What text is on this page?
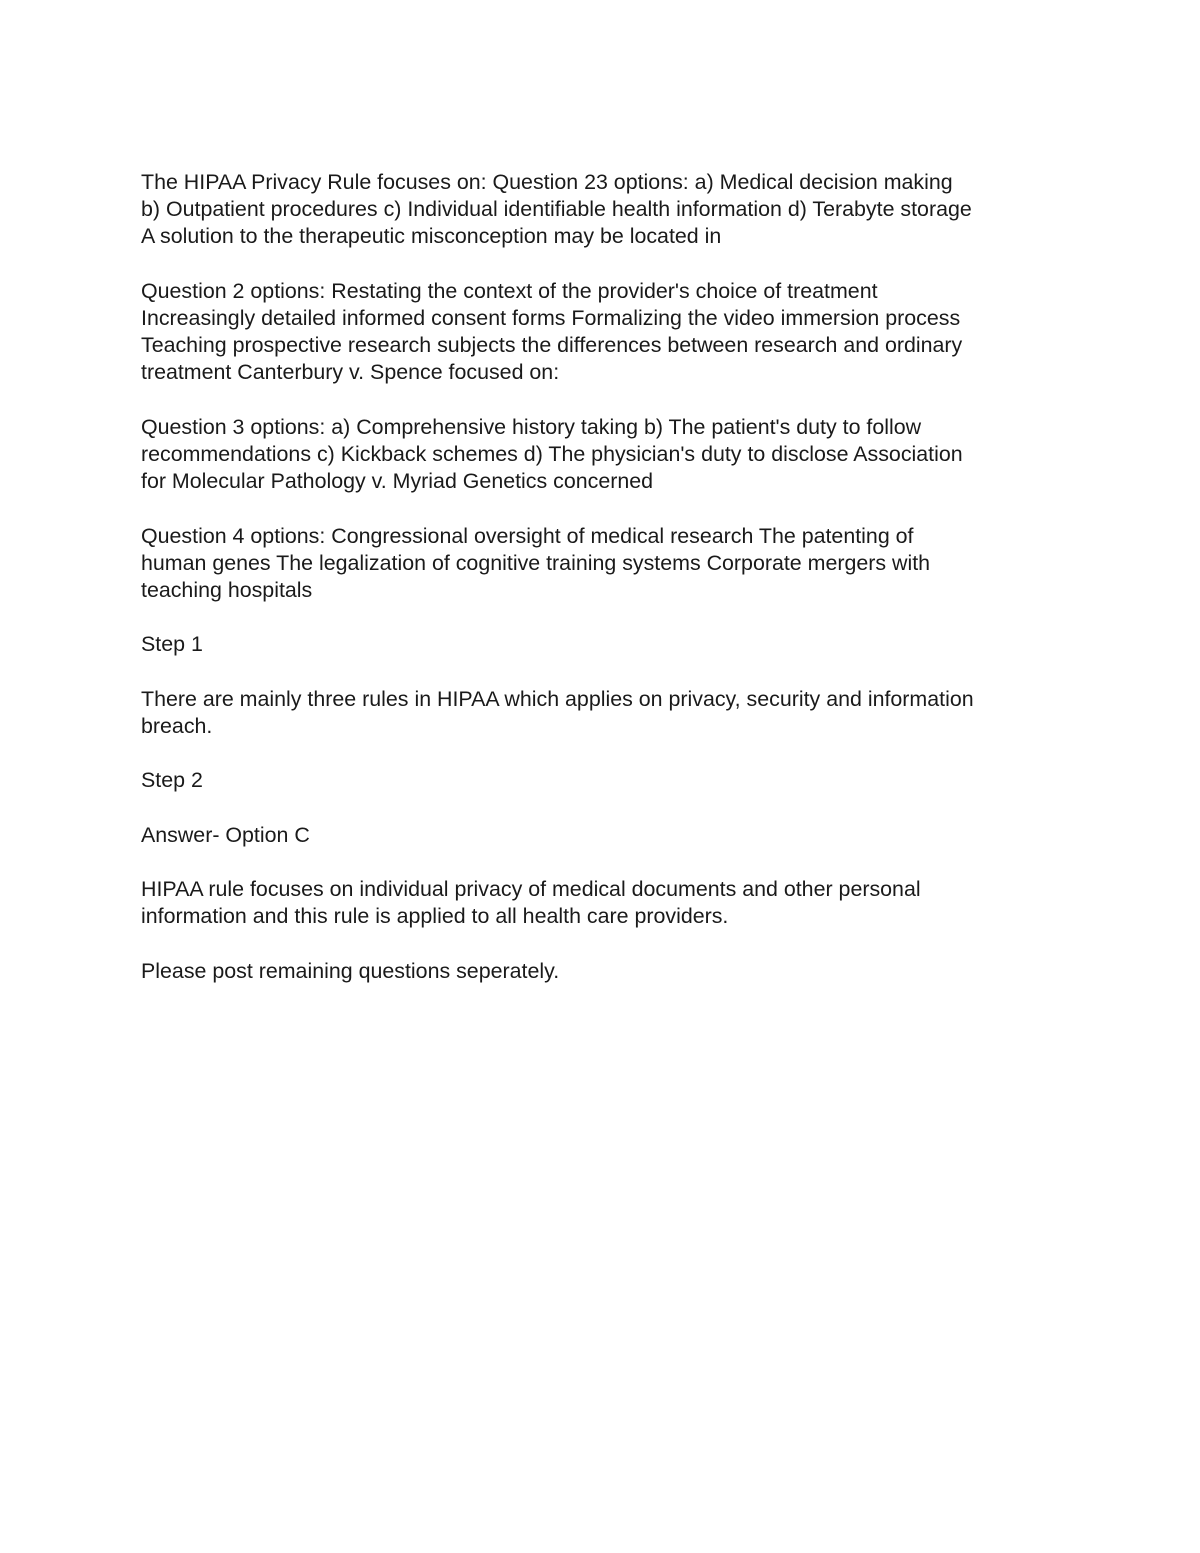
The HIPAA Privacy Rule focuses on: Question 23 options: a) Medical decision making
b) Outpatient procedures c) Individual identifiable health information d) Terabyte storage
A solution to the therapeutic misconception may be located in

Question 2 options: Restating the context of the provider's choice of treatment
Increasingly detailed informed consent forms Formalizing the video immersion process
Teaching prospective research subjects the differences between research and ordinary
treatment Canterbury v. Spence focused on:

Question 3 options: a) Comprehensive history taking b) The patient's duty to follow
recommendations c) Kickback schemes d) The physician's duty to disclose Association
for Molecular Pathology v. Myriad Genetics concerned

Question 4 options: Congressional oversight of medical research The patenting of
human genes The legalization of cognitive training systems Corporate mergers with
teaching hospitals

Step 1

There are mainly three rules in HIPAA which applies on privacy, security and information
breach.

Step 2

Answer- Option C

HIPAA rule focuses on individual privacy of medical documents and other personal
information and this rule is applied to all health care providers.

Please post remaining questions seperately.
